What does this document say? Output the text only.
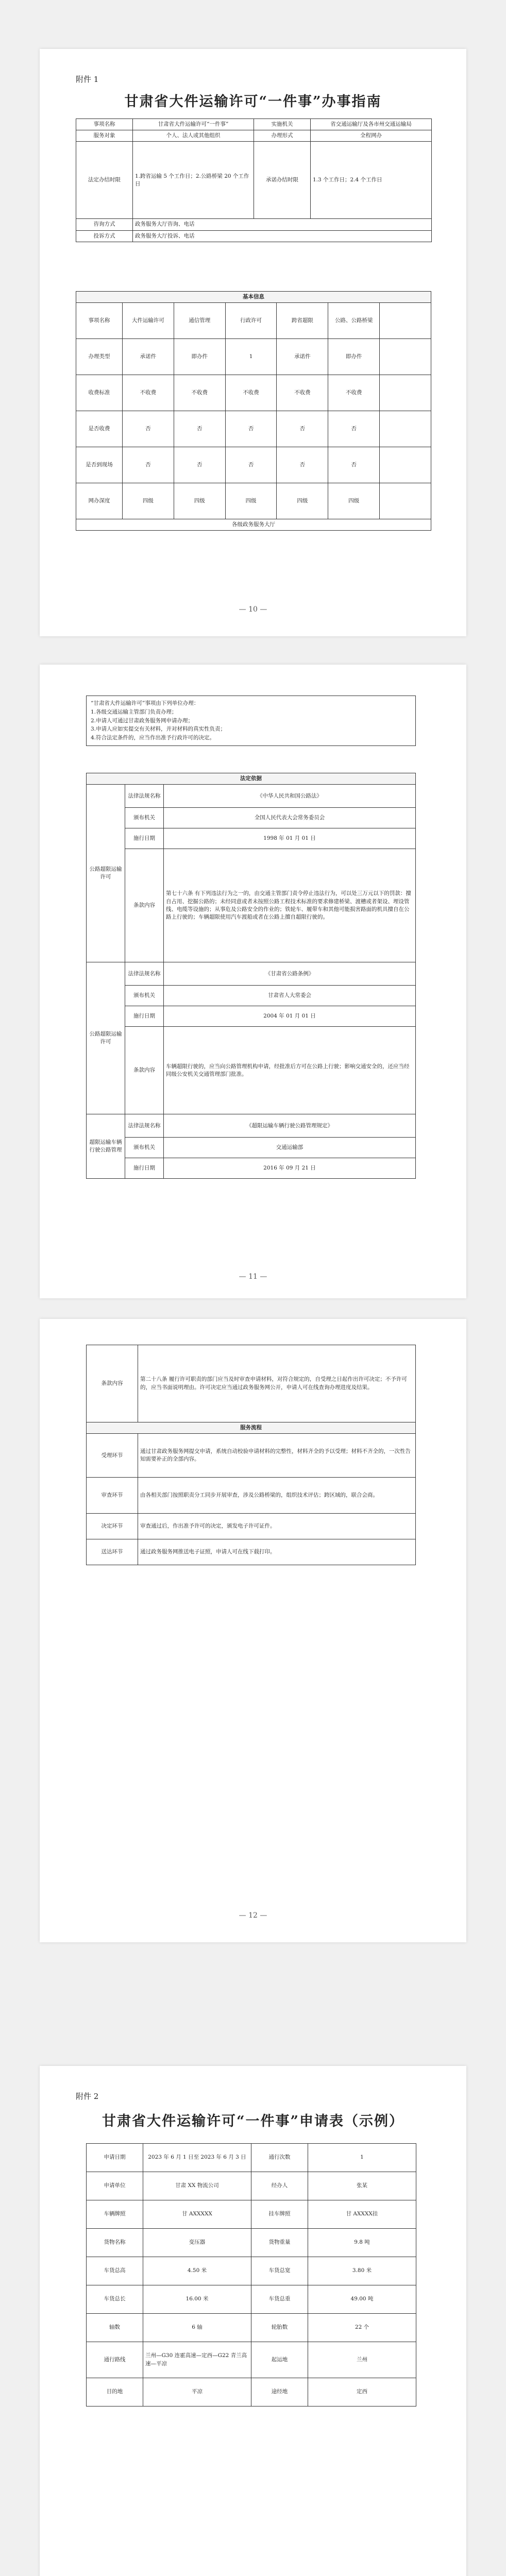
附件 1
甘肃省大件运输许可“一件事”办事指南
事项名称	甘肃省大件运输许可“一件事”	实施机关	省交通运输厅及各市州交通运输局
服务对象	个人、法人或其他组织	办理形式	全程网办
法定办结时限	1.跨省运输 5 个工作日；2.公路桥梁 20 个工作日	承诺办结时限	1.3 个工作日；2.4 个工作日
咨询方式	政务服务大厅咨询、电话		
投诉方式	政务服务大厅投诉、电话		
基本信息						
事项名称	大件运输许可	通信管理	行政许可	跨省超限	公路、公路桥梁	
办理类型	承诺件	即办件	1	承诺件	即办件	
收费标准	不收费	不收费	不收费	不收费	不收费	
是否收费	否	否	否	否	否	
是否到现场	否	否	否	否	否	
网办深度	四级	四级	四级	四级	四级	
各级政务服务大厅						
— 10 —
“甘肃省大件运输许可”事项由下列单位办理：
1.各级交通运输主管部门负责办理；
2.申请人可通过甘肃政务服务网申请办理；
3.申请人应如实提交有关材料，并对材料的真实性负责；
4.符合法定条件的，应当作出准予行政许可的决定。
法定依据		
公路超限运输许可	法律法规名称	《中华人民共和国公路法》
	颁布机关	全国人民代表大会常务委员会
	施行日期	1998 年 01 月 01 日
	条款内容	第七十六条 有下列违法行为之一的，由交通主管部门责令停止违法行为，可以处三万元以下的罚款：擅自占用、挖掘公路的；未经同意或者未按照公路工程技术标准的要求修建桥梁、渡槽或者架设、埋设管线、电缆等设施的；从事危及公路安全的作业的；铁轮车、履带车和其他可能损害路面的机具擅自在公路上行驶的；车辆超限使用汽车渡船或者在公路上擅自超限行驶的。
公路超限运输许可	法律法规名称	《甘肃省公路条例》
	颁布机关	甘肃省人大常委会
	施行日期	2004 年 01 月 01 日
	条款内容	车辆超限行驶的，应当向公路管理机构申请，经批准后方可在公路上行驶；影响交通安全的，还应当经同级公安机关交通管理部门批准。
超限运输车辆行驶公路管理	法律法规名称	《超限运输车辆行驶公路管理规定》
	颁布机关	交通运输部
	施行日期	2016 年 09 月 21 日
— 11 —
条款内容	第二十八条 履行许可职责的部门应当及时审查申请材料，对符合规定的，自受理之日起作出许可决定；不予许可的，应当书面说明理由。许可决定应当通过政务服务网公开，申请人可在线查询办理进度及结果。
服务流程	
受理环节	通过甘肃政务服务网提交申请，系统自动校验申请材料的完整性，材料齐全的予以受理；材料不齐全的，一次性告知需要补正的全部内容。
审查环节	由各相关部门按照职责分工同步开展审查，涉及公路桥梁的，组织技术评估；跨区域的，联合会商。
决定环节	审查通过后，作出准予许可的决定，颁发电子许可证件。
送达环节	通过政务服务网推送电子证照，申请人可在线下载打印。
— 12 —
附件 2
甘肃省大件运输许可“一件事”申请表（示例）
申请日期	2023 年 6 月 1 日至 2023 年 6 月 3 日	通行次数	1
申请单位	甘肃 XX 物流公司	经办人	张某
车辆牌照	甘 AXXXXX	挂车牌照	甘 AXXXX挂
货物名称	变压器	货物重量	9.8 吨
车货总高	4.50 米	车货总宽	3.80 米
车货总长	16.00 米	车货总重	49.00 吨
轴数	6 轴	轮胎数	22 个
通行路线	兰州—G30 连霍高速—定西—G22 青兰高速—平凉	起运地	兰州
目的地	平凉	途经地	定西
